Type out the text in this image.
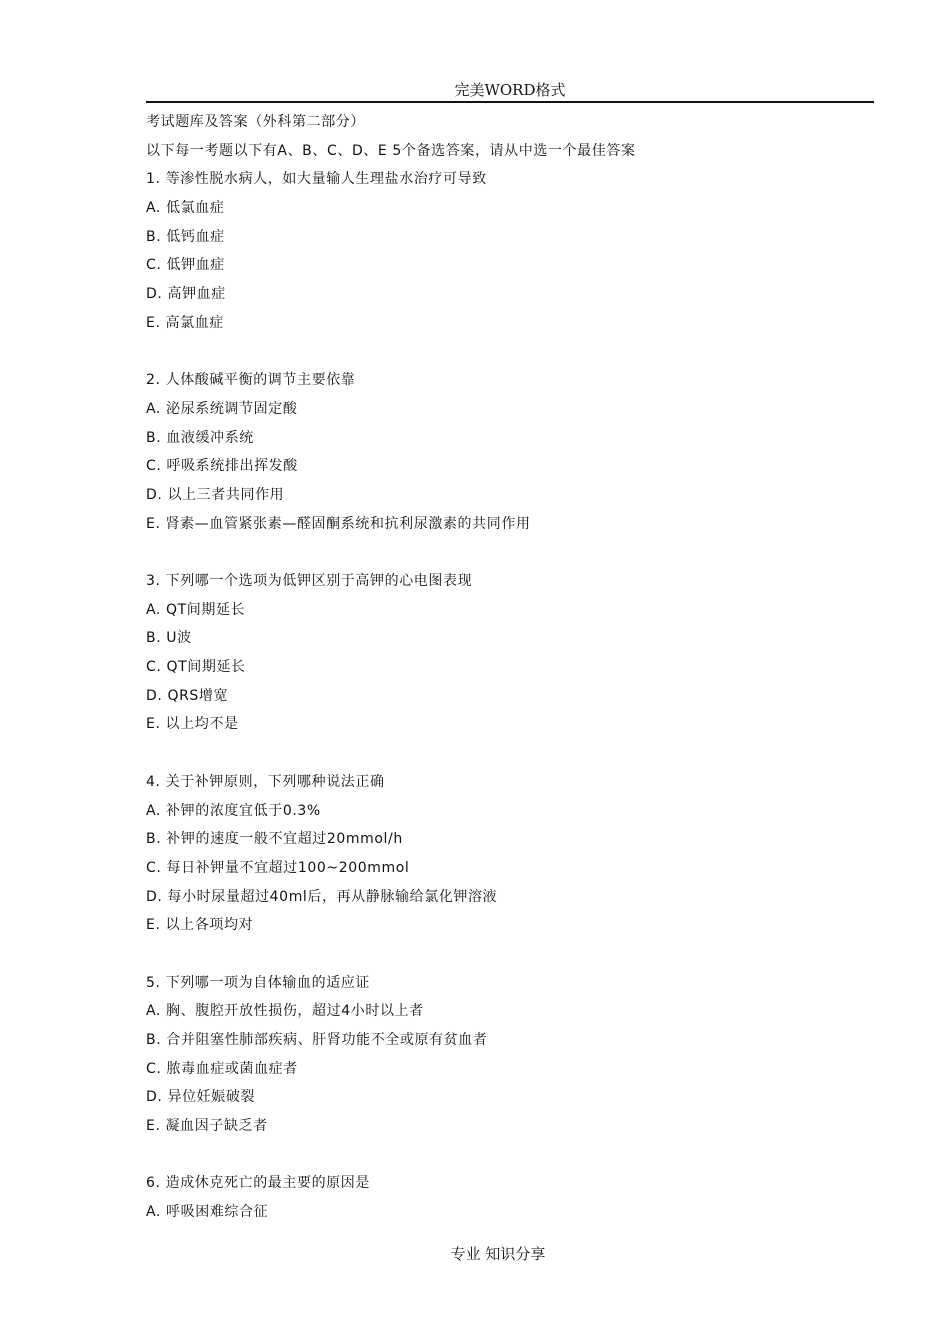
完美WORD格式
考试题库及答案（外科第二部分）
以下每一考题以下有A、B、C、D、E 5个备选答案，请从中选一个最佳答案
1. 等渗性脱水病人，如大量输人生理盐水治疗可导致
A. 低氯血症
B. 低钙血症
C. 低钾血症
D. 高钾血症
E. 高氯血症
2. 人体酸碱平衡的调节主要依靠
A. 泌尿系统调节固定酸
B. 血液缓冲系统
C. 呼吸系统排出挥发酸
D. 以上三者共同作用
E. 肾素—血管紧张素—醛固酮系统和抗利尿激素的共同作用
3. 下列哪一个选项为低钾区别于高钾的心电图表现
A. QT间期延长
B. U波
C. QT间期延长
D. QRS增宽
E. 以上均不是
4. 关于补钾原则，下列哪种说法正确
A. 补钾的浓度宜低于0.3%
B. 补钾的速度一般不宜超过20mmol/h
C. 每日补钾量不宜超过100~200mmol
D. 每小时尿量超过40ml后，再从静脉输给氯化钾溶液
E. 以上各项均对
5. 下列哪一项为自体输血的适应证
A. 胸、腹腔开放性损伤，超过4小时以上者
B. 合并阻塞性肺部疾病、肝肾功能不全或原有贫血者
C. 脓毒血症或菌血症者
D. 异位妊娠破裂
E. 凝血因子缺乏者
6. 造成休克死亡的最主要的原因是
A. 呼吸困难综合征
专业 知识分享
